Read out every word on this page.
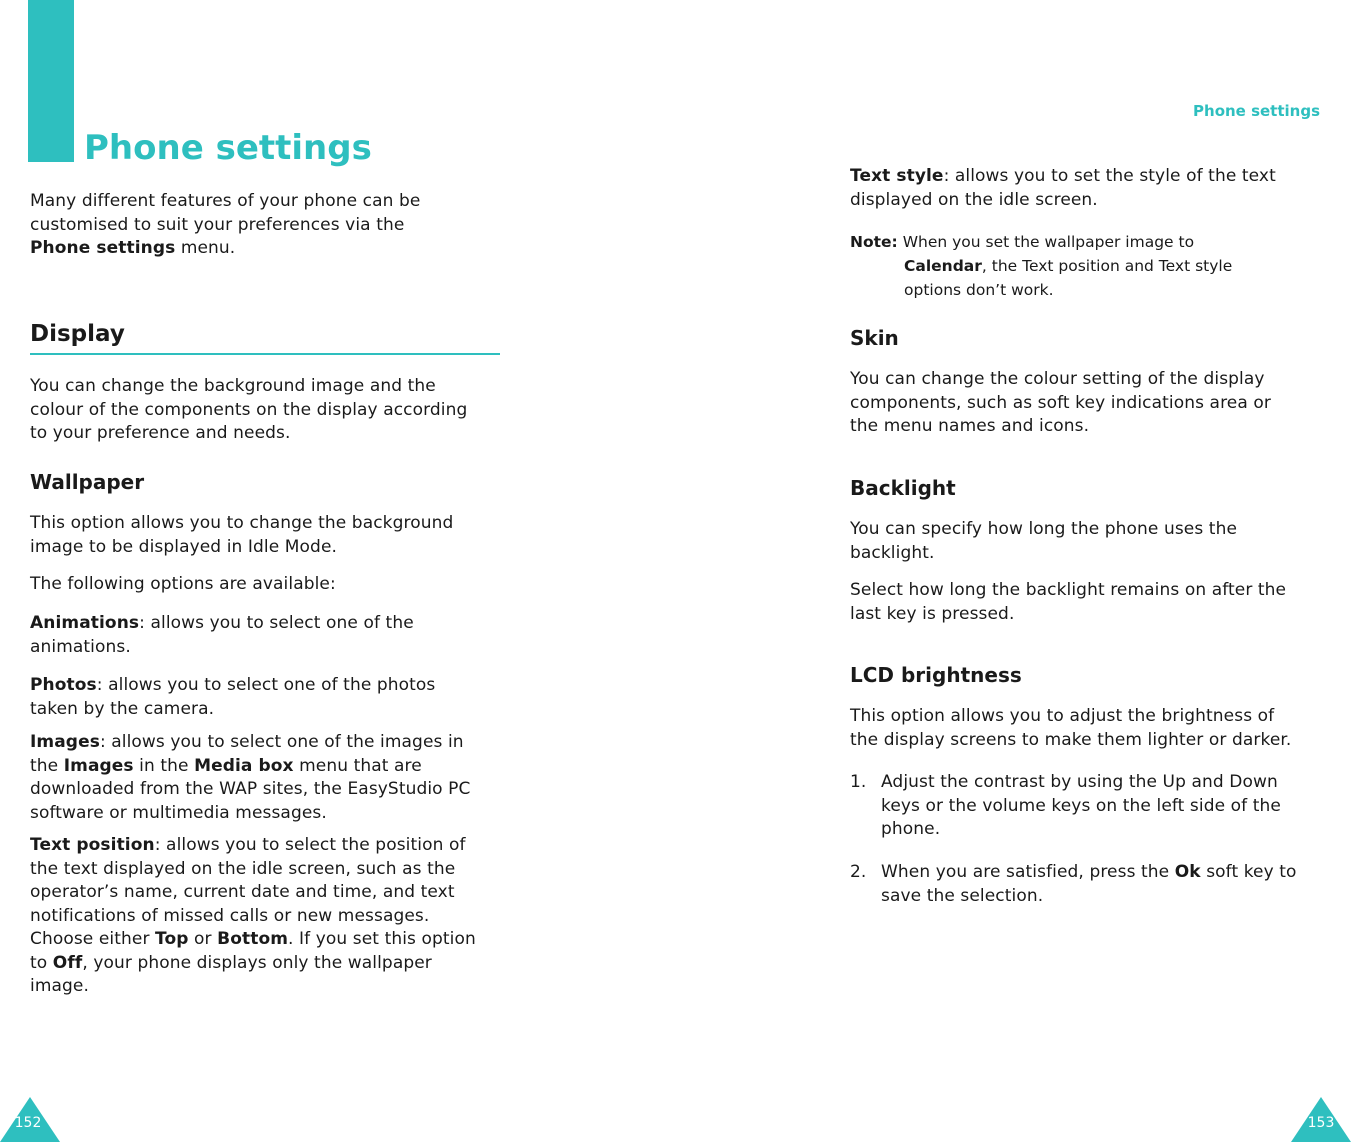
Phone settings

Many different features of your phone can be

customised to suit your preferences via the

Phone settings menu.

Display

You can change the background image and the

colour of the components on the display according

to your preference and needs.

Wallpaper

This option allows you to change the background

image to be displayed in Idle Mode.

The following options are available:

Animations: allows you to select one of the

animations.

Photos: allows you to select one of the photos

taken by the camera.

Images: allows you to select one of the images in

the Images in the Media box menu that are

downloaded from the WAP sites, the EasyStudio PC

software or multimedia messages.

Text position: allows you to select the position of

the text displayed on the idle screen, such as the

operator’s name, current date and time, and text

notifications of missed calls or new messages.

Choose either Top or Bottom. If you set this option

to Off, your phone displays only the wallpaper

image.

152
Phone settings

Text style: allows you to set the style of the text

displayed on the idle screen.

Note: When you set the wallpaper image to

Calendar, the Text position and Text style

options don’t work.

Skin

You can change the colour setting of the display

components, such as soft key indications area or

the menu names and icons.

Backlight

You can specify how long the phone uses the

backlight.

Select how long the backlight remains on after the

last key is pressed.

LCD brightness

This option allows you to adjust the brightness of

the display screens to make them lighter or darker.

1. Adjust the contrast by using the Up and Down

keys or the volume keys on the left side of the

phone.

2. When you are satisfied, press the Ok soft key to

save the selection.

153
